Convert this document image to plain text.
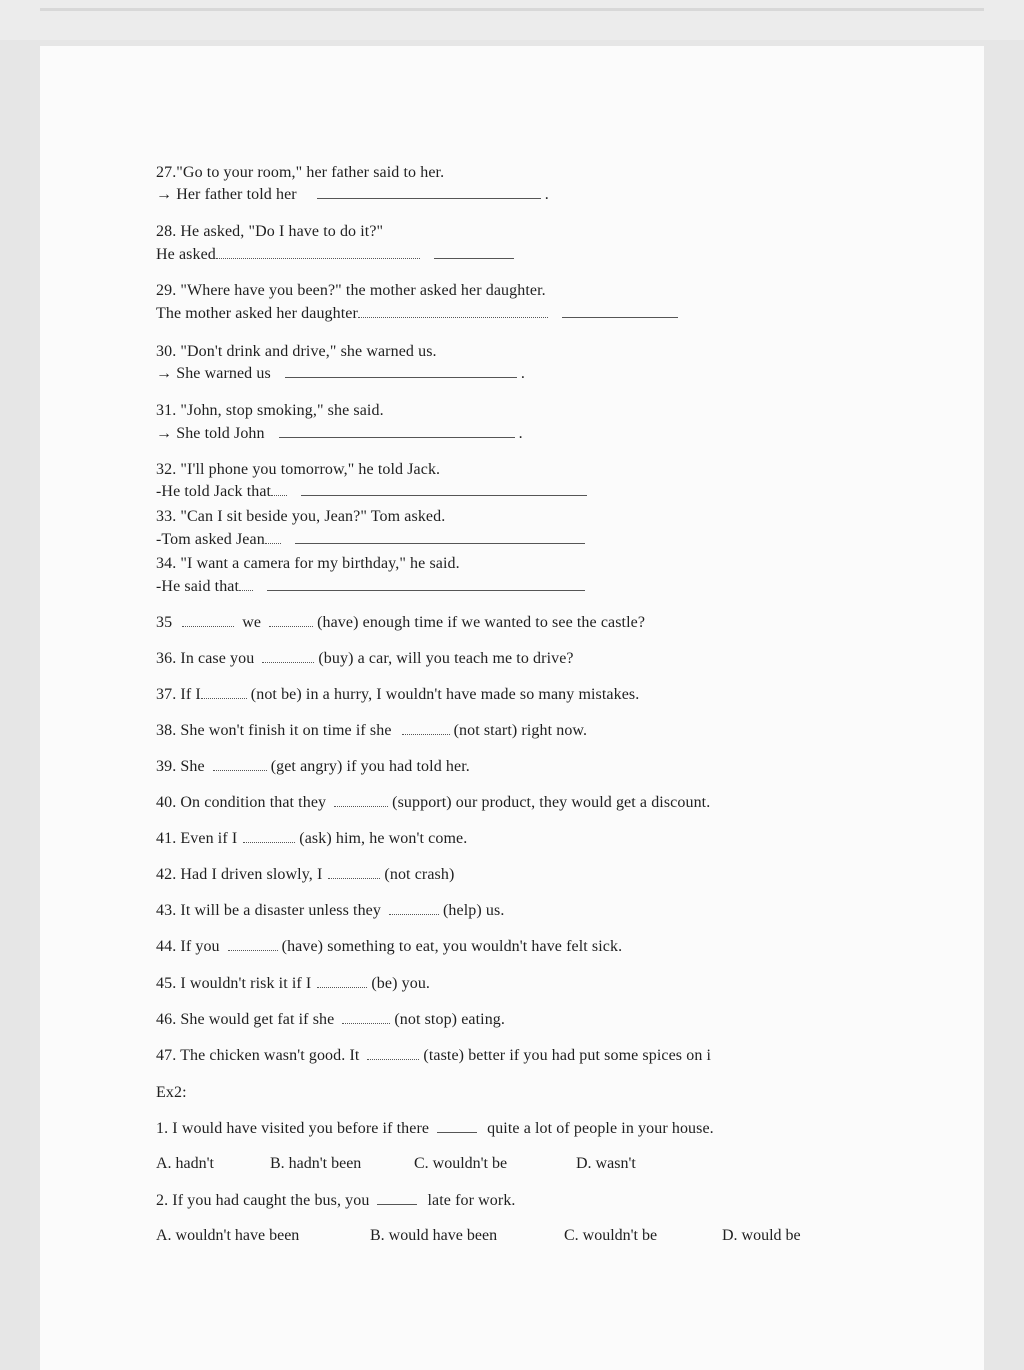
27."Go to your room," her father said to her.
→ Her father told her	.
28. He asked, "Do I have to do it?"
He asked
29. "Where have you been?" the mother asked her daughter.
The mother asked her daughter
30. "Don't drink and drive," she warned us.
→ She warned us	.
31. "John, stop smoking," she said.
→ She told John	.
32. "I'll phone you tomorrow," he told Jack.
-He told Jack that
33. "Can I sit beside you, Jean?" Tom asked.
-Tom asked Jean
34. "I want a camera for my birthday," he said.
-He said that
35	we	(have) enough time if we wanted to see the castle?
36. In case you	(buy) a car, will you teach me to drive?
37. If I	(not be) in a hurry, I wouldn't have made so many mistakes.
38. She won't finish it on time if she	(not start) right now.
39. She	(get angry) if you had told her.
40. On condition that they	(support) our product, they would get a discount.
41. Even if I	(ask) him, he won't come.
42. Had I driven slowly, I	(not crash)
43. It will be a disaster unless they	(help) us.
44. If you	(have) something to eat, you wouldn't have felt sick.
45. I wouldn't risk it if I	(be) you.
46. She would get fat if she	(not stop) eating.
47. The chicken wasn't good. It	(taste) better if you had put some spices on i
Ex2:
1. I would have visited you before if there	quite a lot of people in your house.
A. hadn't	B. hadn't been	C. wouldn't be	D. wasn't
2. If you had caught the bus, you	late for work.
A. wouldn't have been	B. would have been	C. wouldn't be	D. would be
